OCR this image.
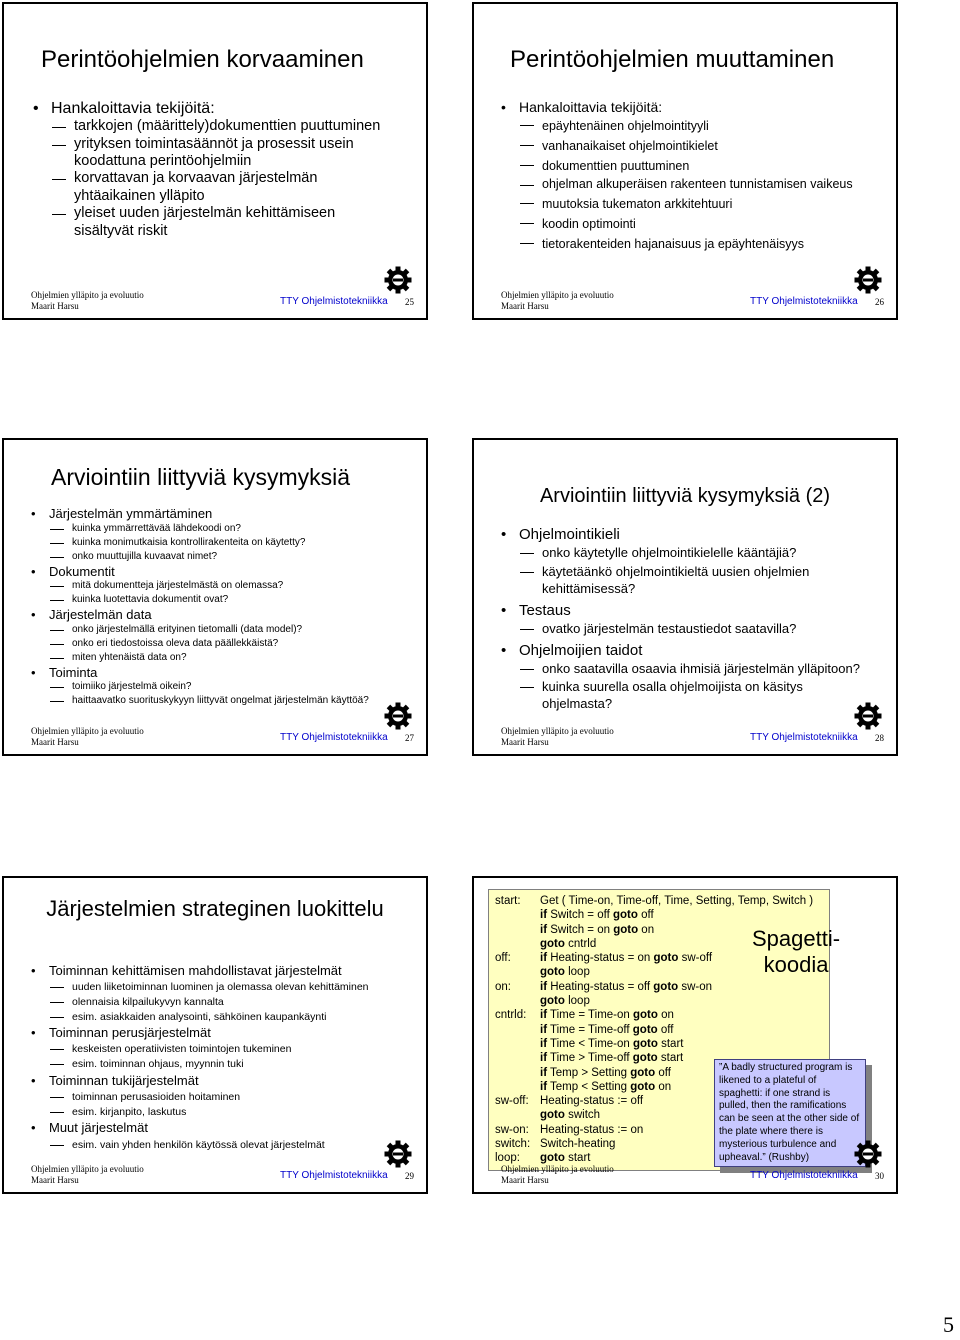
Perintöohjelmien korvaaminen
• Hankaloittavia tekijöitä:
tarkkojen (määrittely)dokumenttien puuttuminen
yrityksen toimintasäännöt ja prosessit usein koodattuna perintöohjelmiin
korvattavan ja korvaavan järjestelmän yhtäaikainen ylläpito
yleiset uuden järjestelmän kehittämiseen sisältyvät riskit
Ohjelmien ylläpito ja evoluutio
Maarit Harsu	TTY Ohjelmistotekniikka 25
Perintöohjelmien muuttaminen
• Hankaloittavia tekijöitä:
epäyhtenäinen ohjelmointityyli
vanhanaikaiset ohjelmointikielet
dokumenttien puuttuminen
ohjelman alkuperäisen rakenteen tunnistamisen vaikeus
muutoksia tukematon arkkitehtuuri
koodin optimointi
tietorakenteiden hajanaisuus ja epäyhtenäisyys
Ohjelmien ylläpito ja evoluutio
Maarit Harsu	TTY Ohjelmistotekniikka 26
Arviointiin liittyviä kysymyksiä
• Järjestelmän ymmärtäminen
kuinka ymmärrettävää lähdekoodi on?
kuinka monimutkaisia kontrollirakenteita on käytetty?
onko muuttujilla kuvaavat nimet?
• Dokumentit
mitä dokumentteja järjestelmästä on olemassa?
kuinka luotettavia dokumentit ovat?
• Järjestelmän data
onko järjestelmällä erityinen tietomalli (data model)?
onko eri tiedostoissa oleva data päällekkäistä?
miten yhtenäistä data on?
• Toiminta
toimiiko järjestelmä oikein?
haittaavatko suorituskykyyn liittyvät ongelmat järjestelmän käyttöä?
Ohjelmien ylläpito ja evoluutio
Maarit Harsu	TTY Ohjelmistotekniikka 27
Arviointiin liittyviä kysymyksiä (2)
• Ohjelmointikieli
onko käytetylle ohjelmointikielelle kääntäjiä?
käytetäänkö ohjelmointikieltä uusien ohjelmien kehittämisessä?
• Testaus
ovatko järjestelmän testaustiedot saatavilla?
• Ohjelmoijien taidot
onko saatavilla osaavia ihmisiä järjestelmän ylläpitoon?
kuinka suurella osalla ohjelmoijista on käsitys ohjelmasta?
Ohjelmien ylläpito ja evoluutio
Maarit Harsu	TTY Ohjelmistotekniikka 28
Järjestelmien strateginen luokittelu
• Toiminnan kehittämisen mahdollistavat järjestelmät
uuden liiketoiminnan luominen ja olemassa olevan kehittäminen
olennaisia kilpailukyvyn kannalta
esim. asiakkaiden analysointi, sähköinen kaupankäynti
• Toiminnan perusjärjestelmät
keskeisten operatiivisten toimintojen tukeminen
esim. toiminnan ohjaus, myynnin tuki
• Toiminnan tukijärjestelmät
toiminnan perusasioiden hoitaminen
esim. kirjanpito, laskutus
• Muut järjestelmät
esim. vain yhden henkilön käytössä olevat järjestelmät
Ohjelmien ylläpito ja evoluutio
Maarit Harsu	TTY Ohjelmistotekniikka 29
start:	Get ( Time-on, Time-off, Time, Setting, Temp, Switch )
if Switch = off goto off
if Switch = on goto on
goto cntrld
off:	if Heating-status = on goto sw-off
goto loop
on:	if Heating-status = off goto sw-on
goto loop
cntrld:	if Time = Time-on goto on
if Time = Time-off goto off
if Time < Time-on goto start
if Time > Time-off goto start
if Temp > Setting goto off
if Temp < Setting goto on
sw-off: Heating-status := off
goto switch
sw-on: Heating-status := on
switch: Switch-heating
loop:	goto start
Spagetti-
koodia
”A badly structured program is likened to a plateful of spaghetti: if one strand is pulled, then the ramifications can be seen at the other side of the plate where there is mysterious turbulence and upheaval.” (Rushby)
Ohjelmien ylläpito ja evoluutio
Maarit Harsu	TTY Ohjelmistotekniikka 30
5
